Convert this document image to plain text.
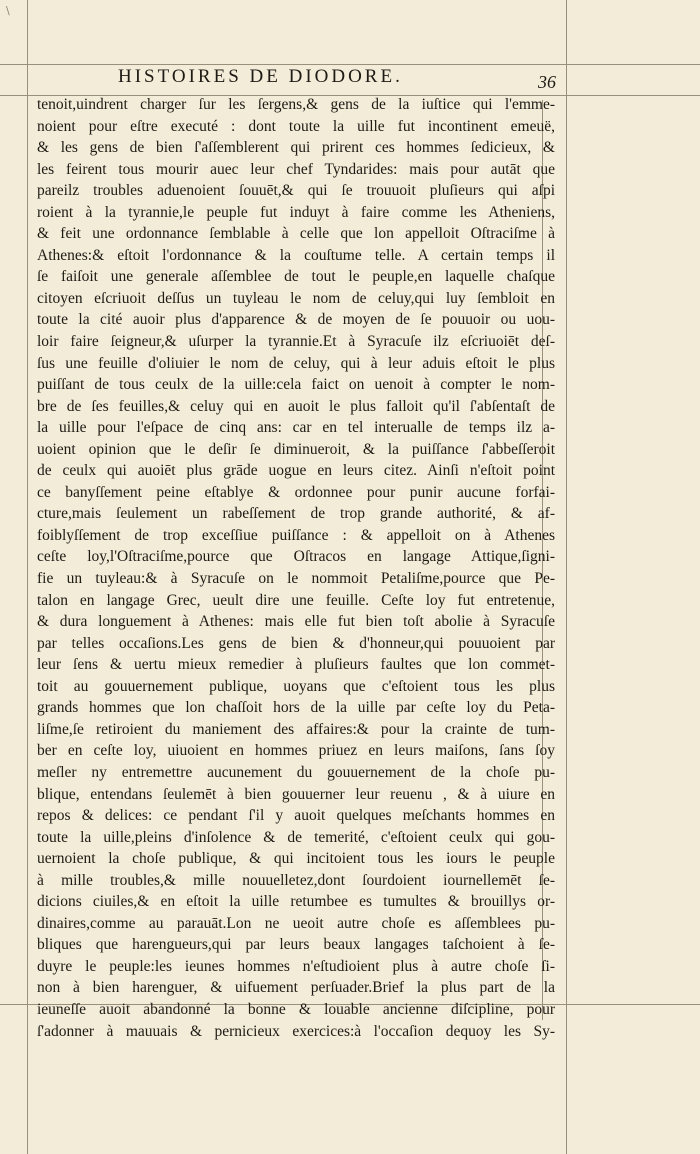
\
HISTOIRES DE DIODORE.	36
tenoit,uindrent charger ſur les ſergens,& gens de la iuſtice qui l'emme-
noient pour eſtre executé : dont toute la uille fut incontinent emeuë,
& les gens de bien ſ'aſſemblerent qui prirent ces hommes ſedicieux, &
les feirent tous mourir auec leur chef Tyndarides: mais pour autāt que
pareilz troubles aduenoient ſouuēt,& qui ſe trouuoit pluſieurs qui aſpi
roient à la tyrannie,le peuple fut induyt à faire comme les Atheniens,
& feit une ordonnance ſemblable à celle que lon appelloit Oſtraciſme à
Athenes:& eſtoit l'ordonnance & la couſtume telle. A certain temps il
ſe faiſoit une generale aſſemblee de tout le peuple,en laquelle chaſque
citoyen eſcriuoit deſſus un tuyleau le nom de celuy,qui luy ſembloit en
toute la cité auoir plus d'apparence & de moyen de ſe pouuoir ou uou-
loir faire ſeigneur,& uſurper la tyrannie.Et à Syracuſe ilz eſcriuoiēt deſ-
ſus une feuille d'oliuier le nom de celuy, qui à leur aduis eſtoit le plus
puiſſant de tous ceulx de la uille:cela faict on uenoit à compter le nom-
bre de ſes feuilles,& celuy qui en auoit le plus falloit qu'il ſ'abſentaſt de
la uille pour l'eſpace de cinq ans: car en tel interualle de temps ilz a-
uoient opinion que le deſir ſe diminueroit, & la puiſſance ſ'abbeſſeroit
de ceulx qui auoiēt plus grāde uogue en leurs citez. Ainſi n'eſtoit point
ce banyſſement peine eſtablye & ordonnee pour punir aucune forfai-
cture,mais ſeulement un rabeſſement de trop grande authorité, & af-
foiblyſſement de trop exceſſiue puiſſance : & appelloit on à Athenes
ceſte loy,l'Oſtraciſme,pource que Oſtracos en langage Attique,ſigni-
fie un tuyleau:& à Syracuſe on le nommoit Petaliſme,pource que Pe-
talon en langage Grec, ueult dire une feuille. Ceſte loy fut entretenue,
& dura longuement à Athenes: mais elle fut bien toſt abolie à Syracuſe
par telles occaſions.Les gens de bien & d'honneur,qui pouuoient par
leur ſens & uertu mieux remedier à pluſieurs faultes que lon commet-
toit au gouuernement publique, uoyans que c'eſtoient tous les plus
grands hommes que lon chaſſoit hors de la uille par ceſte loy du Peta-
liſme,ſe retiroient du maniement des affaires:& pour la crainte de tum-
ber en ceſte loy, uiuoient en hommes priuez en leurs maiſons, ſans ſoy
meſler ny entremettre aucunement du gouuernement de la choſe pu-
blique, entendans ſeulemēt à bien gouuerner leur reuenu , & à uiure en
repos & delices: ce pendant ſ'il y auoit quelques meſchants hommes en
toute la uille,pleins d'inſolence & de temerité, c'eſtoient ceulx qui gou-
uernoient la choſe publique, & qui incitoient tous les iours le peuple
à mille troubles,& mille nouuelletez,dont ſourdoient iournellemēt ſe-
dicions ciuiles,& en eſtoit la uille retumbee es tumultes & brouillys or-
dinaires,comme au parauāt.Lon ne ueoit autre choſe es aſſemblees pu-
bliques que harengueurs,qui par leurs beaux langages taſchoient à ſe-
duyre le peuple:les ieunes hommes n'eſtudioient plus à autre choſe ſi-
non à bien harenguer, & uifuement perſuader.Brief la plus part de la
ieuneſſe auoit abandonné la bonne & louable ancienne diſcipline, pour
ſ'adonner à mauuais & pernicieux exercices:à l'occaſion dequoy les Sy-
